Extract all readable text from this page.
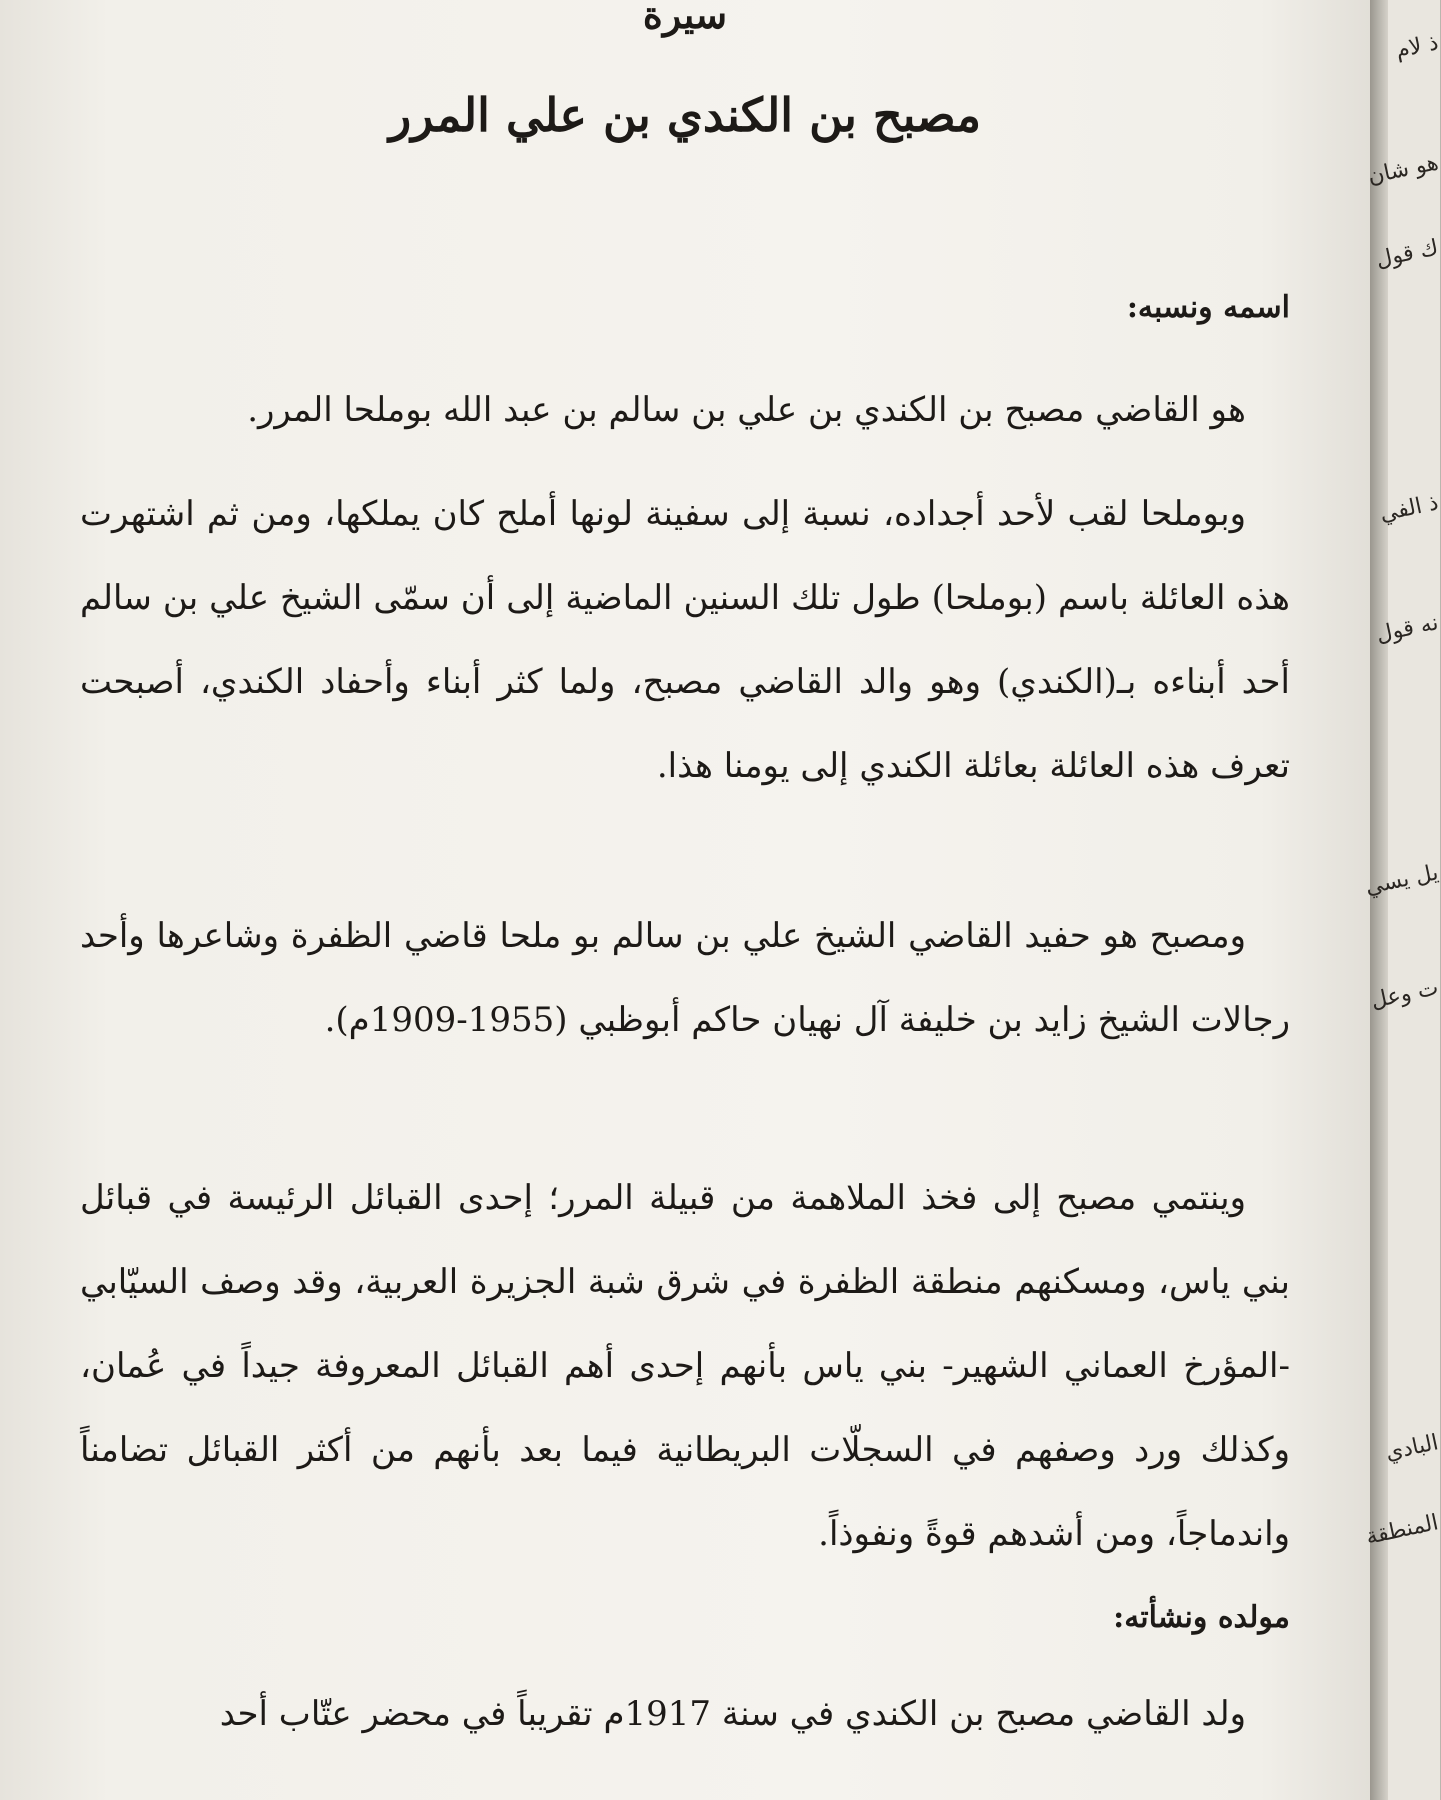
سيرة
مصبح بن الكندي بن علي المرر
اسمه ونسبه:

هو القاضي مصبح بن الكندي بن علي بن سالم بن عبد الله بوملحا المرر.

وبوملحا لقب لأحد أجداده، نسبة إلى سفينة لونها أملح كان يملكها، ومن ثم اشتهرت هذه العائلة باسم (بوملحا) طول تلك السنين الماضية إلى أن سمّى الشيخ علي بن سالم أحد أبناءه بـ(الكندي) وهو والد القاضي مصبح، ولما كثر أبناء وأحفاد الكندي، أصبحت تعرف هذه العائلة بعائلة الكندي إلى يومنا هذا.

ومصبح هو حفيد القاضي الشيخ علي بن سالم بو ملحا قاضي الظفرة وشاعرها وأحد رجالات الشيخ زايد بن خليفة آل نهيان حاكم أبوظبي (1955-1909م).

وينتمي مصبح إلى فخذ الملاهمة من قبيلة المرر؛ إحدى القبائل الرئيسة في قبائل بني ياس، ومسكنهم منطقة الظفرة في شرق شبة الجزيرة العربية، وقد وصف السيّابي -المؤرخ العماني الشهير- بني ياس بأنهم إحدى أهم القبائل المعروفة جيداً في عُمان، وكذلك ورد وصفهم في السجلّات البريطانية فيما بعد بأنهم من أكثر القبائل تضامناً واندماجاً، ومن أشدهم قوةً ونفوذاً.

مولده ونشأته:

ولد القاضي مصبح بن الكندي في سنة 1917م تقريباً في محضر عتّاب أحد

ذ لام
هو شان
ك قول
ذ الفي
نه قول
يل يسي
ت وعل
البادي
المنطقة
